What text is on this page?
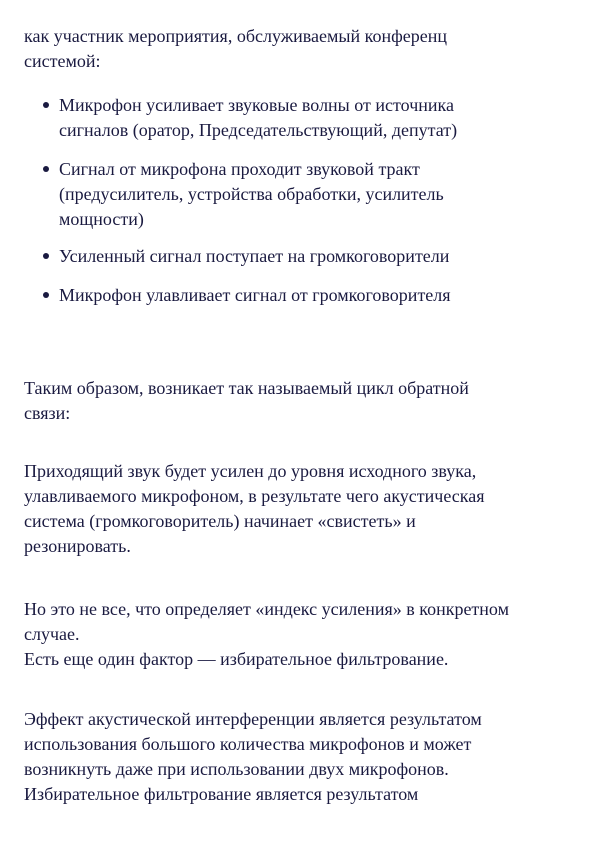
как участник мероприятия, обслуживаемый конференц
системой:

Микрофон усиливает звуковые волны от источника
сигналов (оратор, Председательствующий, депутат)

Сигнал от микрофона проходит звуковой тракт
(предусилитель, устройства обработки, усилитель
мощности)

Усиленный сигнал поступает на громкоговорители

Микрофон улавливает сигнал от громкоговорителя

Таким образом, возникает так называемый цикл обратной
связи:

Приходящий звук будет усилен до уровня исходного звука,
улавливаемого микрофоном, в результате чего акустическая
система (громкоговоритель) начинает «свистеть» и
резонировать.

Но это не все, что определяет «индекс усиления» в конкретном
случае.
Есть еще один фактор — избирательное фильтрование.

Эффект акустической интерференции является результатом
использования большого количества микрофонов и может
возникнуть даже при использовании двух микрофонов.
Избирательное фильтрование является результатом
